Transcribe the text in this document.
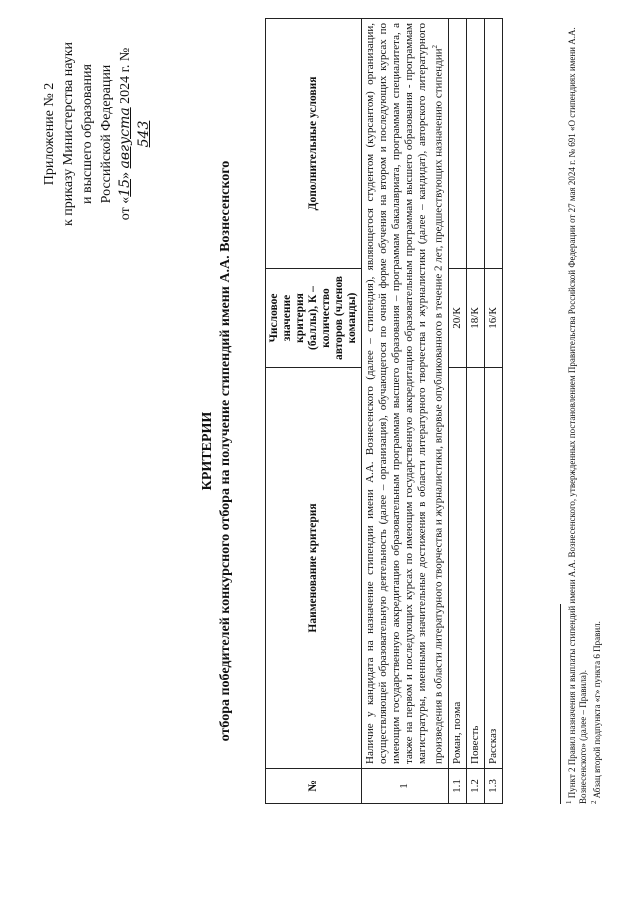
Приложение № 2 к приказу Министерства науки и высшего образования Российской Федерации
от «15» августа 2024 г. № 543
КРИТЕРИИ отбора победителей конкурсного отбора на получение стипендий имени А.А. Вознесенского
№	Наименование критерия	Числовое значение критерия (баллы), К – количество авторов (членов команды)	Дополнительные условия
1	Наличие у кандидата на назначение стипендии имени А.А. Вознесенского (далее – стипендия), являющегося студентом (курсантом) организации, осуществляющей образовательную деятельность (далее – организация), обучающегося по очной форме обучения на втором и последующих курсах по имеющим государственную аккредитацию образовательным программам высшего образования – программам бакалавриата, программам специалитета, а также на первом и последующих курсах по имеющим государственную аккредитацию образовательным программам высшего образования - программам магистратуры, именными значительные достижения в области литературного творчества и журналистики (далее – кандидат), авторского литературного произведения в области литературного творчества и журналистики, впервые опубликованного в течение 2 лет, предшествующих назначению стипендии$^2$
1.1	Роман, поэма	20/К	
1.2	Повесть	18/К	
1.3	Рассказ	16/К	
$^1$ Пункт 2 Правил назначения и выплаты стипендий имени А.А. Вознесенского, утвержденных постановлением Правительства Российской Федерации от 27 мая 2024 г. № 691 «О стипендиях имени А.А. Вознесенского» (далее – Правила). $^2$ Абзац второй подпункта «г» пункта 6 Правил.
